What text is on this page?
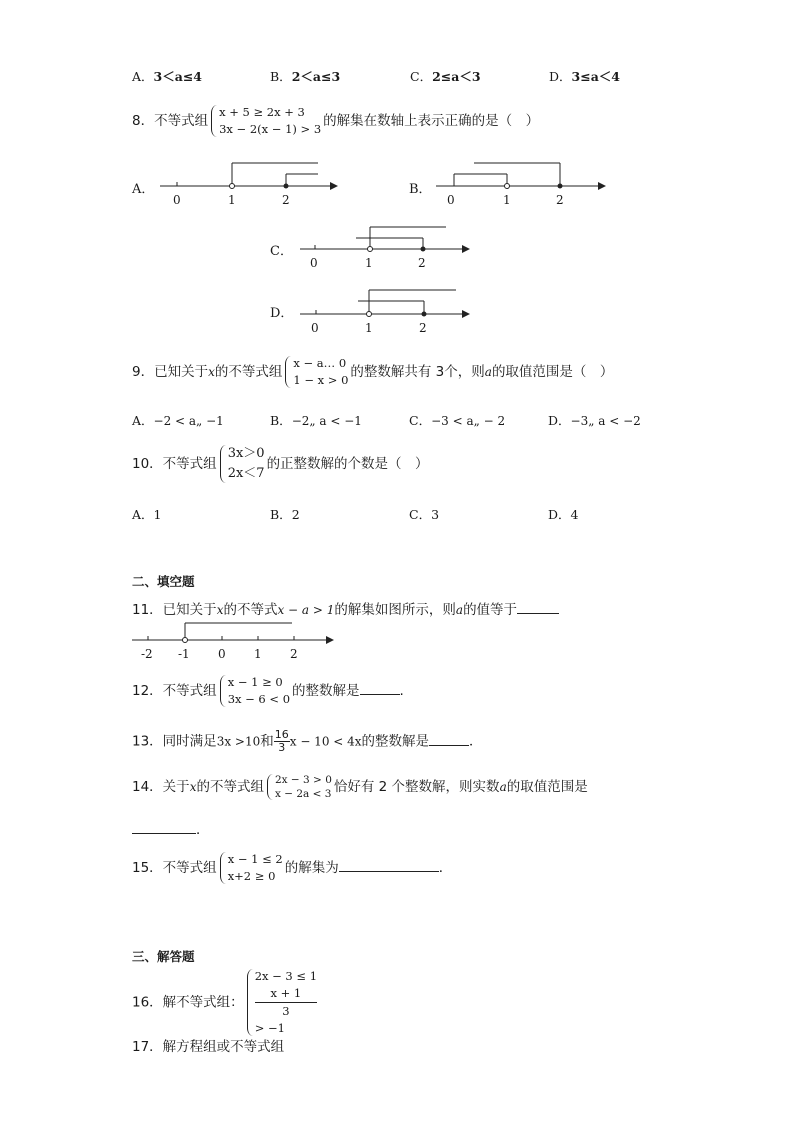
A．3＜a≤4	B．2＜a≤3	C．2≤a＜3	D．3≤a＜4
8．不等式组
x + 5 ≥ 2x + 3
3x − 2(x − 1) > 3 的解集在数轴上表示正确的是（　）
A．
0	1	2
B．
0	1	2
C．
0	1	2
D．
0	1	2
9．已知关于x的不等式组
x − a… 0
1 − x > 0 的整数解共有 3个，则a的取值范围是（　）
A．−2 < a„ −1	B．−2„ a < −1	C．−3 < a„ − 2	D．−3„ a < −2
10．不等式组
3x＞0
2x＜7
的正整数解的个数是（　）
A．1	B．2	C．3	D．4
二、填空题
11．已知关于x的不等式x − a > 1的解集如图所示，则a的值等于
-2 -1 0 1 2
12．不等式组
x − 1 ≥ 0
3x − 6 < 0 的整数解是	.
13．同时满足3x >10和 $\frac{16}{3}$ x − 10 < 4x的整数解是	．
14．关于x的不等式组 2x − 3 > 0
x − 2a < 3 恰好有 2 个整数解，则实数a的取值范围是
．
15．不等式组
x − 1 ≤ 2
x+2 ≥ 0 的解集为	．
三、解答题
16．解不等式组：
2x − 3 ≤ 1
x + 1
3
> −1
17．解方程组或不等式组
